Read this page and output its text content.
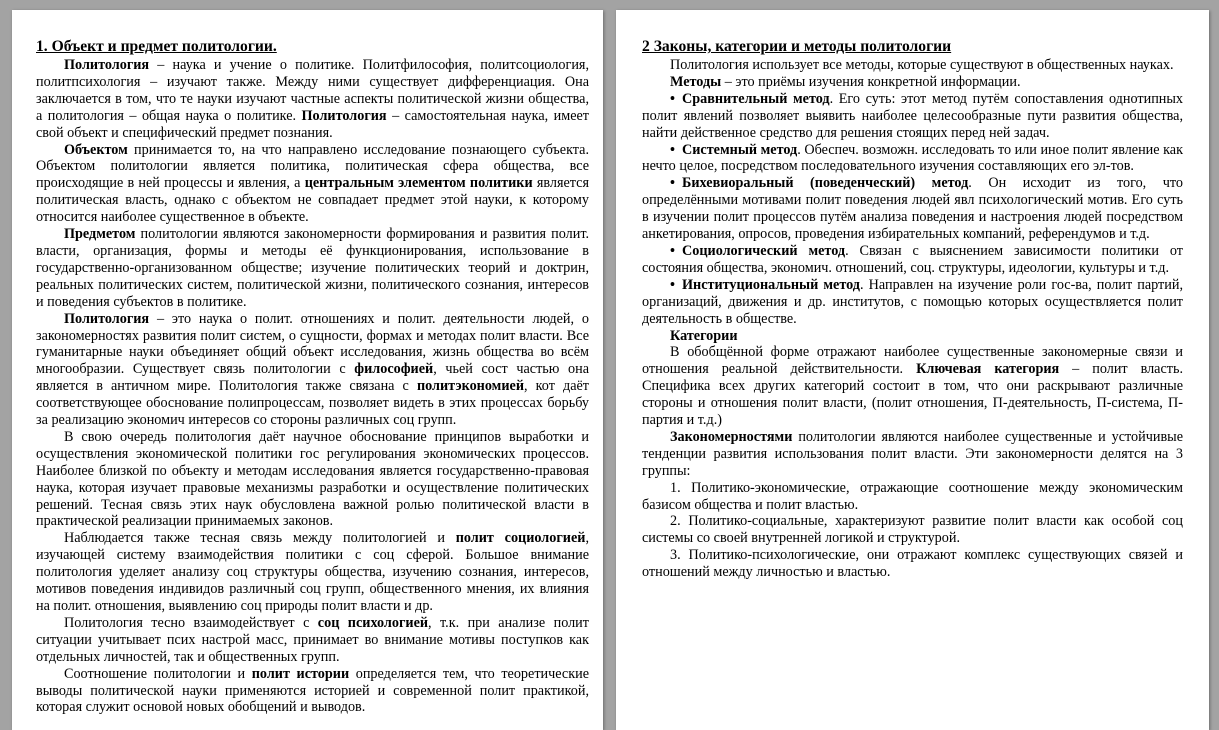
1. Объект и предмет политологии.

Политология – наука и учение о политике. Политфилософия, политсоциология, политпсихология – изучают также. Между ними существует дифференциация. Она заключается в том, что те науки изучают частные аспекты политической жизни общества, а политология – общая наука о политике. Политология – самостоятельная наука, имеет свой объект и специфический предмет познания.

Объектом принимается то, на что направлено исследование познающего субъекта. Объектом политологии является политика, политическая сфера общества, все происходящие в ней процессы и явления, а центральным элементом политики является политическая власть, однако с объектом не совпадает предмет этой науки, к которому относится наиболее существенное в объекте.

Предметом политологии являются закономерности формирования и развития полит. власти, организация, формы и методы её функционирования, использование в государственно-организованном обществе; изучение политических теорий и доктрин, реальных политических систем, политической жизни, политического сознания, интересов и поведения субъектов в политике.

Политология – это наука о полит. отношениях и полит. деятельности людей, о закономерностях развития полит систем, о сущности, формах и методах полит власти. Все гуманитарные науки объединяет общий объект исследования, жизнь общества во всём многообразии. Существует связь политологии с философией, чьей сост частью она является в античном мире. Политология также связана с политэкономией, кот даёт соответствующее обоснование полипроцессам, позволяет видеть в этих процессах борьбу за реализацию экономич интересов со стороны различных соц групп.

В свою очередь политология даёт научное обоснование принципов выработки и осуществления экономической политики гос регулирования экономических процессов. Наиболее близкой по объекту и методам исследования является государственно-правовая наука, которая изучает правовые механизмы разработки и осуществление политических решений. Тесная связь этих наук обусловлена важной ролью политической власти в практической реализации принимаемых законов.

Наблюдается также тесная связь между политологией и полит социологией, изучающей систему взаимодействия политики с соц сферой. Большое внимание политология уделяет анализу соц структуры общества, изучению сознания, интересов, мотивов поведения индивидов различный соц групп, общественного мнения, их влияния на полит. отношения, выявлению соц природы полит власти и др.

Политология тесно взаимодействует с соц психологией, т.к. при анализе полит ситуации учитывает псих настрой масс, принимает во внимание мотивы поступков как отдельных личностей, так и общественных групп.

Соотношение политологии и полит истории определяется тем, что теоретические выводы политической науки применяются историей и современной полит практикой, которая служит основой новых обобщений и выводов.

2 Законы, категории и методы политологии

Политология использует все методы, которые существуют в общественных науках.

Методы – это приёмы изучения конкретной информации.

• Сравнительный метод. Его суть: этот метод путём сопоставления однотипных полит явлений позволяет выявить наиболее целесообразные пути развития общества, найти действенное средство для решения стоящих перед ней задач.

• Системный метод. Обеспеч. возможн. исследовать то или иное полит явление как нечто целое, посредством последовательного изучения составляющих его эл-тов.

• Бихевиоральный (поведенческий) метод. Он исходит из того, что определёнными мотивами полит поведения людей явл психологический мотив. Его суть в изучении полит процессов путём анализа поведения и настроения людей посредством анкетирования, опросов, проведения избирательных компаний, референдумов и т.д.

• Социологический метод. Связан с выяснением зависимости политики от состояния общества, экономич. отношений, соц. структуры, идеологии, культуры и т.д.

• Институциональный метод. Направлен на изучение роли гос-ва, полит партий, организаций, движения и др. институтов, с помощью которых осуществляется полит деятельность в обществе.

Категории

В обобщённой форме отражают наиболее существенные закономерные связи и отношения реальной действительности. Ключевая категория – полит власть. Специфика всех других категорий состоит в том, что они раскрывают различные стороны и отношения полит власти, (полит отношения, П-деятельность, П-система, П-партия и т.д.)

Закономерностями политологии являются наиболее существенные и устойчивые тенденции развития использования полит власти. Эти закономерности делятся на 3 группы:

1. Политико-экономические, отражающие соотношение между экономическим базисом общества и полит властью.

2. Политико-социальные, характеризуют развитие полит власти как особой соц системы со своей внутренней логикой и структурой.

3. Политико-психологические, они отражают комплекс существующих связей и отношений между личностью и властью.
